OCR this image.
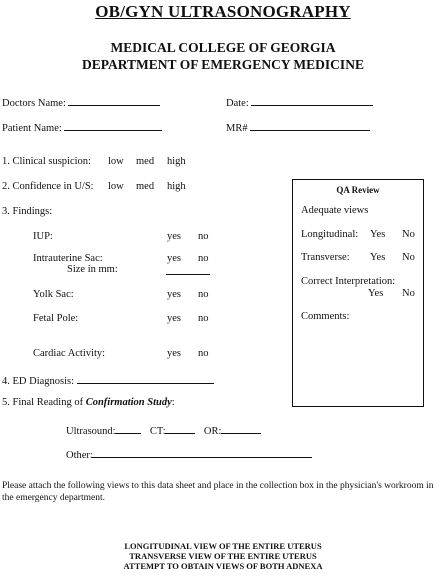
OB/GYN ULTRASONOGRAPHY
MEDICAL COLLEGE OF GEORGIA
DEPARTMENT OF EMERGENCY MEDICINE
Doctors Name:	Date:
Patient Name:	MR#
1. Clinical suspicion: low med high
2. Confidence in U/S: low med high
3. Findings:
IUP:	yes no
Intrauterine Sac:	yes no
Size in mm:
Yolk Sac:	yes no
Fetal Pole:	yes no
Cardiac Activity:	yes no
4. ED Diagnosis:
5. Final Reading of Confirmation Study:
Ultrasound:	CT:	OR:
Other:
QA Review
Adequate views
Longitudinal: Yes No
Transverse: Yes No
Correct Interpretation:
Yes No
Comments:
Please attach the following views to this data sheet and place in the collection box in the physician's workroom in the emergency department.
LONGITUDINAL VIEW OF THE ENTIRE UTERUS
TRANSVERSE VIEW OF THE ENTIRE UTERUS
ATTEMPT TO OBTAIN VIEWS OF BOTH ADNEXA
